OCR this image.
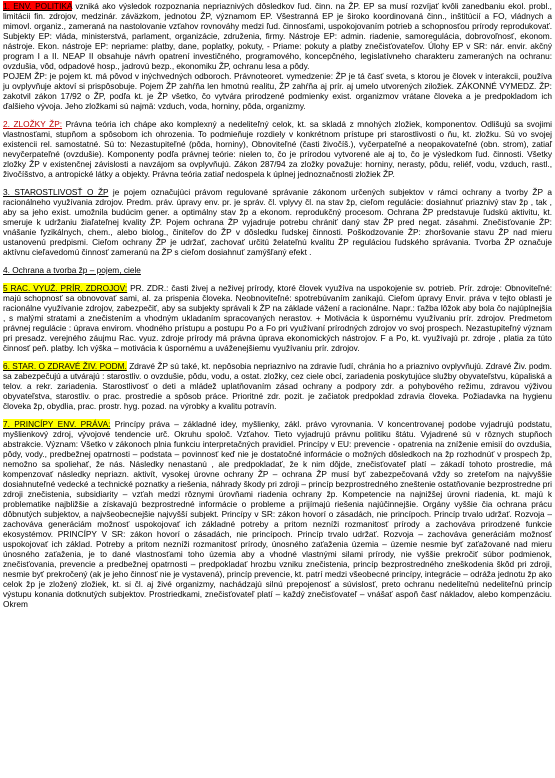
1. ENV. POLITIKA vzniká ako výsledok rozpoznania nepriaznivých dôsledkov ľud. činn. na ŽP. EP sa musí rozvíjať kvôli zanedbaniu ekol. probl., limitácii fin. zdrojov, medzinár. záväzkom, jednotou ŽP, významom EP. Všestranná EP je široko koordinovaná činn., inštitúcií a FO, vládnych a mimovl. organiz., zameraná na nastolovanie vzťahov rovnováhy medzi ľud. činnosťami, uspokojovaním potrieb a schopnosťou prírody reprodukovať. Subjekty EP: vláda, ministerstvá, parlament, organizácie, združenia, firmy. Nástroje EP: admin. riadenie, samoregulácia, dobrovoľnosť, ekonom. nástroje. Ekon. nástroje EP: nepriame: platby, dane, poplatky, pokuty, - Priame: pokuty a platby znečisťovateľov. Úlohy EP v SR: nár. envir. akčný program I a II. NEAP II obsahuje návrh opatrení investičného, programového, koncepčného, legislatívneho charakteru zameraných na ochranu: ovzdušia, vôd, odpadové hosp., jadrovú bezp., ekonomiku ŽP, ochranu lesa a pôdy.

POJEM ŽP: je pojem kt. má pôvod v inýchvedných odboroch. Právnoteoret. vymedzenie: ŽP je tá časť sveta, s ktorou je človek v interakcii, používa ju ovplyvňuje aktoví si prispôsobuje. Pojem ŽP zahŕňa len hmotnú realitu, ŽP zahŕňa aj prír. aj umelo utvorených ziložiek. ZÁKONNÉ VYMEDZ. ŽP: zakotvil zákon 17/92 o ŽP, podľa kt. je ŽP všetko, čo vytvára prirodzené podmienky exist. organizmov vrátane človeka a je predpokladom ich ďalšieho vývoja. Jeho zložkami sú najmä: vzduch, voda, horniny, pôda, organizmy.

2. ZLOŽKY ŽP: Právna teória ich chápe ako komplexný a nedeliteľný celok, kt. sa skladá z mnohých zložiek, komponentov. Odlišujú sa svojimi vlastnosťami, stupňom a spôsobom ich ohrozenia. To podmieňuje rozdiely v konkrétnom prístupe pri starostlivosti o ňu, kt. zložku. Sú vo svojej existencii rel. samostatné. Sú to: Nezastupiteľné (pôda, horniny), Obnoviteľné (časti živočíš.), vyčerpateľné a neopakovateľné (obn. strom), zatiaľ nevyčerpateľné (ovzdušie). Komponenty podľa právnej teórie: nielen to, čo je prírodou vytvorené ale aj to, čo je výsledkom ľud. činnosti. Všetky zložky ŽP v existenčnej závislosti a navzájom sa ovplyvňujú. Zákon 287/94 za zložky považuje: horniny, nerasty, pôdu, reliéf, vodu, vzduch, rastl., živočíšstvo, a antropické látky a objekty. Právna teória zatiaľ nedospela k úplnej jednoznačnosti zložiek ŽP.

3. STAROSTLIVOSŤ O ŽP je pojem označujúci právom regulované správanie zákonom určených subjektov v rámci ochrany a tvorby ŽP a racionálneho využívania zdrojov. Predm. práv. úpravy env. pr. je správ. čl. vplyvy čl. na stav žp, cieľom regulácie: dosiahnuť priaznivý stav žp , tak , aby sa jeho exist. umožnila budúcim gener. a optimálny stav žp a ekonom. reprodukčný procesom. Ochrana ŽP predstavuje ľudskú aktivitu, kt. smeruje k udržaniu žiaľateľnej kvality ŽP. Pojem ochrana ŽP vyjadruje potrebu chrániť daný stav ŽP pred negat. zásahmi. Znečisťovanie ŽP: vnášanie fyzikálnych, chem., alebo biolog., činiteľov do ŽP v dôsledku ľudskej činnosti. Poškodzovanie ŽP: zhoršovanie stavu ŽP nad mieru ustanovenú predpismi. Cieľom ochrany ŽP je udržať, zachovať určitú želateľnú kvalitu ŽP reguláciou ľudského správania. Tvorba ŽP označuje aktívnu cieľavedomú činnosť zameranú na ŽP s cieľom dosiahnuť zamýšľaný efekt .

4. Ochrana a tvorba žp – pojem, ciele

5 RAC. VYUŽ. PRÍR. ZDROJOV: PR. ZDR.: časti živej a neživej prírody, ktoré človek využíva na uspokojenie sv. potrieb. Prír. zdroje: Obnoviteľné: majú schopnosť sa obnovovať sami, al. za prispenia človeka. Neobnoviteľné: spotrebúvaním zanikajú. Cieľom úpravy Envir. práva v tejto oblasti je racionálne využívanie zdrojov, zabezpečiť, aby sa subjekty správali k ŽP na základe vážení a racionálne. Napr.: ťažba lôžok aby bola čo najúplnejšia , s malými stratami a znečistením a vhodným ukladaním spracovaných nerastov. + Motivácia k úspornému využívaniu prír. zdrojov. Predmetom právnej regulácie : úprava envirom. vhodného prístupu a postupu Po a Fo pri využívaní prírodných zdrojov vo svoj prospech. Nezastupiteľný význam pri presadz. verejného záujmu Rac. vyuz. zdroje prírody má právna úprava ekonomických nástrojov. F a Po, kt. využívajú pr. zdroje , platia za túto činnosť peň. platby. Ich výška – motivácia k úspornému a uváženejšiemu využívaniu prír. zdrojov.

6. STAR. O ZDRAVÉ ŽIV. PODM. Zdravé ŽP sú také, kt. nepôsobia nepriaznivo na zdravie ľudí, chránia ho a priaznivo ovplyvňujú. Zdravé Živ. podm. sa zabezpečujú a utvárajú : starostliv. o ovzdušie, pôdu, vodu, a ostat. zložky, cez ciele obcí, zariadenia poskytujúce služby obyvateľstvu, kúpaliská a telov. a rekr. zariadenia. Starostlivosť o deti a mládež uplatňovaním zásad ochrany a podpory zdr. a pohybového režimu, zdravou výživou obyvateľstva, starostliv. o prac. prostredie a spôsob práce. Prioritné zdr. pozit. je začiatok predpoklad zdravia človeka. Požiadavka na hygienu človeka žp, obydlia, prac. prostr. hyg. pozad. na výrobky a kvalitu potravín.

7. PRINCÍPY ENV. PRÁVA: Princípy práva – základné idey, myšlienky, zákl. právo vyrovnania. V koncentrovanej podobe vyjadrujú podstatu, myšlienkový zdroj, vývojové tendencie urč. Okruhu spoloč. Vzťahov. Tieto vyjadrujú právnu politiku štátu. Vyjadrené sú v rôznych stupňoch abstrakcie. Význam: Všetko v zákonoch plnia funkciu interpretačných pravidiel. Princípy v EU: prevencie - opatrenia na zníženie emisií do ovzdušia, pôdy, vody., predbežnej opatrnosti – podstata – povinnosť keď nie je dostatočné informácie o možných dôsledkoch na žp rozhodnúť v prospech žp, nemožno sa spoliehať, že nás. Následky nenastanú , ale predpokladať, že k nim dôjde, znečisťovateľ platí – zákadí tohoto prostredie, má kompenzovať následky nepriazn. aktivít, vysokej úrovne ochrany ŽP – ochrana ŽP musí byť zabezpečovaná vždy so zreteľom na najvyššie dosiahnuteľné vedecké a technické poznatky a riešenia, náhrady škody pri zdroji – princíp bezprostredného zneštenie ostatňovanie bezprostredne pri zdroji znečistenia, subsidiarity – vzťah medzi rôznymi úrovňami riadenia ochrany žp. Kompetencie na najnižšej úrovni riadenia, kt. majú k problematike najbližšie a získavajú bezprostredné informácie o probleme a prijímajú riešenia najúčinnejšie. Orgány vyššie čia ochrana prácu dôbnutých subjektov, a najvšeobecnejšie najvyšší subjekt. Princípy v SR: zákon hovorí o zásadách, nie princípoch. Princíp trvalo udržať. Rozvoja – zachováva generáciám možnosť uspokojovať ich základné potreby a pritom nezníži rozmanitosť prírody a zachováva prirodzené funkcie ekosystémov. PRINCÍPY V SR: zákon hovorí o zásadách, nie princípoch. Princíp trvalo udržať. Rozvoja – zachováva generáciám možnosť uspokojovať ich základ. Potreby a pritom nezníži rozmanitosť prírody, únosného zaťaženia územia – územie nesmie byť zaťažované nad mieru únosného zaťaženia, je to dané vlastnosťami toho územia aby a vhodné vlastnými silami prírody, nie vyššie prekročiť súbor podmienok, znečisťovania, prevencie a predbežnej opatrnosti – predpokladať hrozbu vzniku znečistenia, princíp bezprostredného zneškodenia škôd pri zdroji, nesmie byť prekročený (ak je jeho činnosť nie je vystavená), princíp prevencie, kt. patrí medzi všeobecné princípy, integrácie – odráža jednotu žp ako celok žp je zložený zložiek, kt. si čl. aj živé organizmy, nachádzajú silnú prepojenosť a súvislosť, preto ochranu nedeliteľnú nedeliteľnú princíp výstupu konania dotknutých subjektov. Prostriedkami, znečisťovateľ platí – každý znečisťovateľ – vnášať aspoň časť nákladov, alebo kompenzáciu. Okrem
